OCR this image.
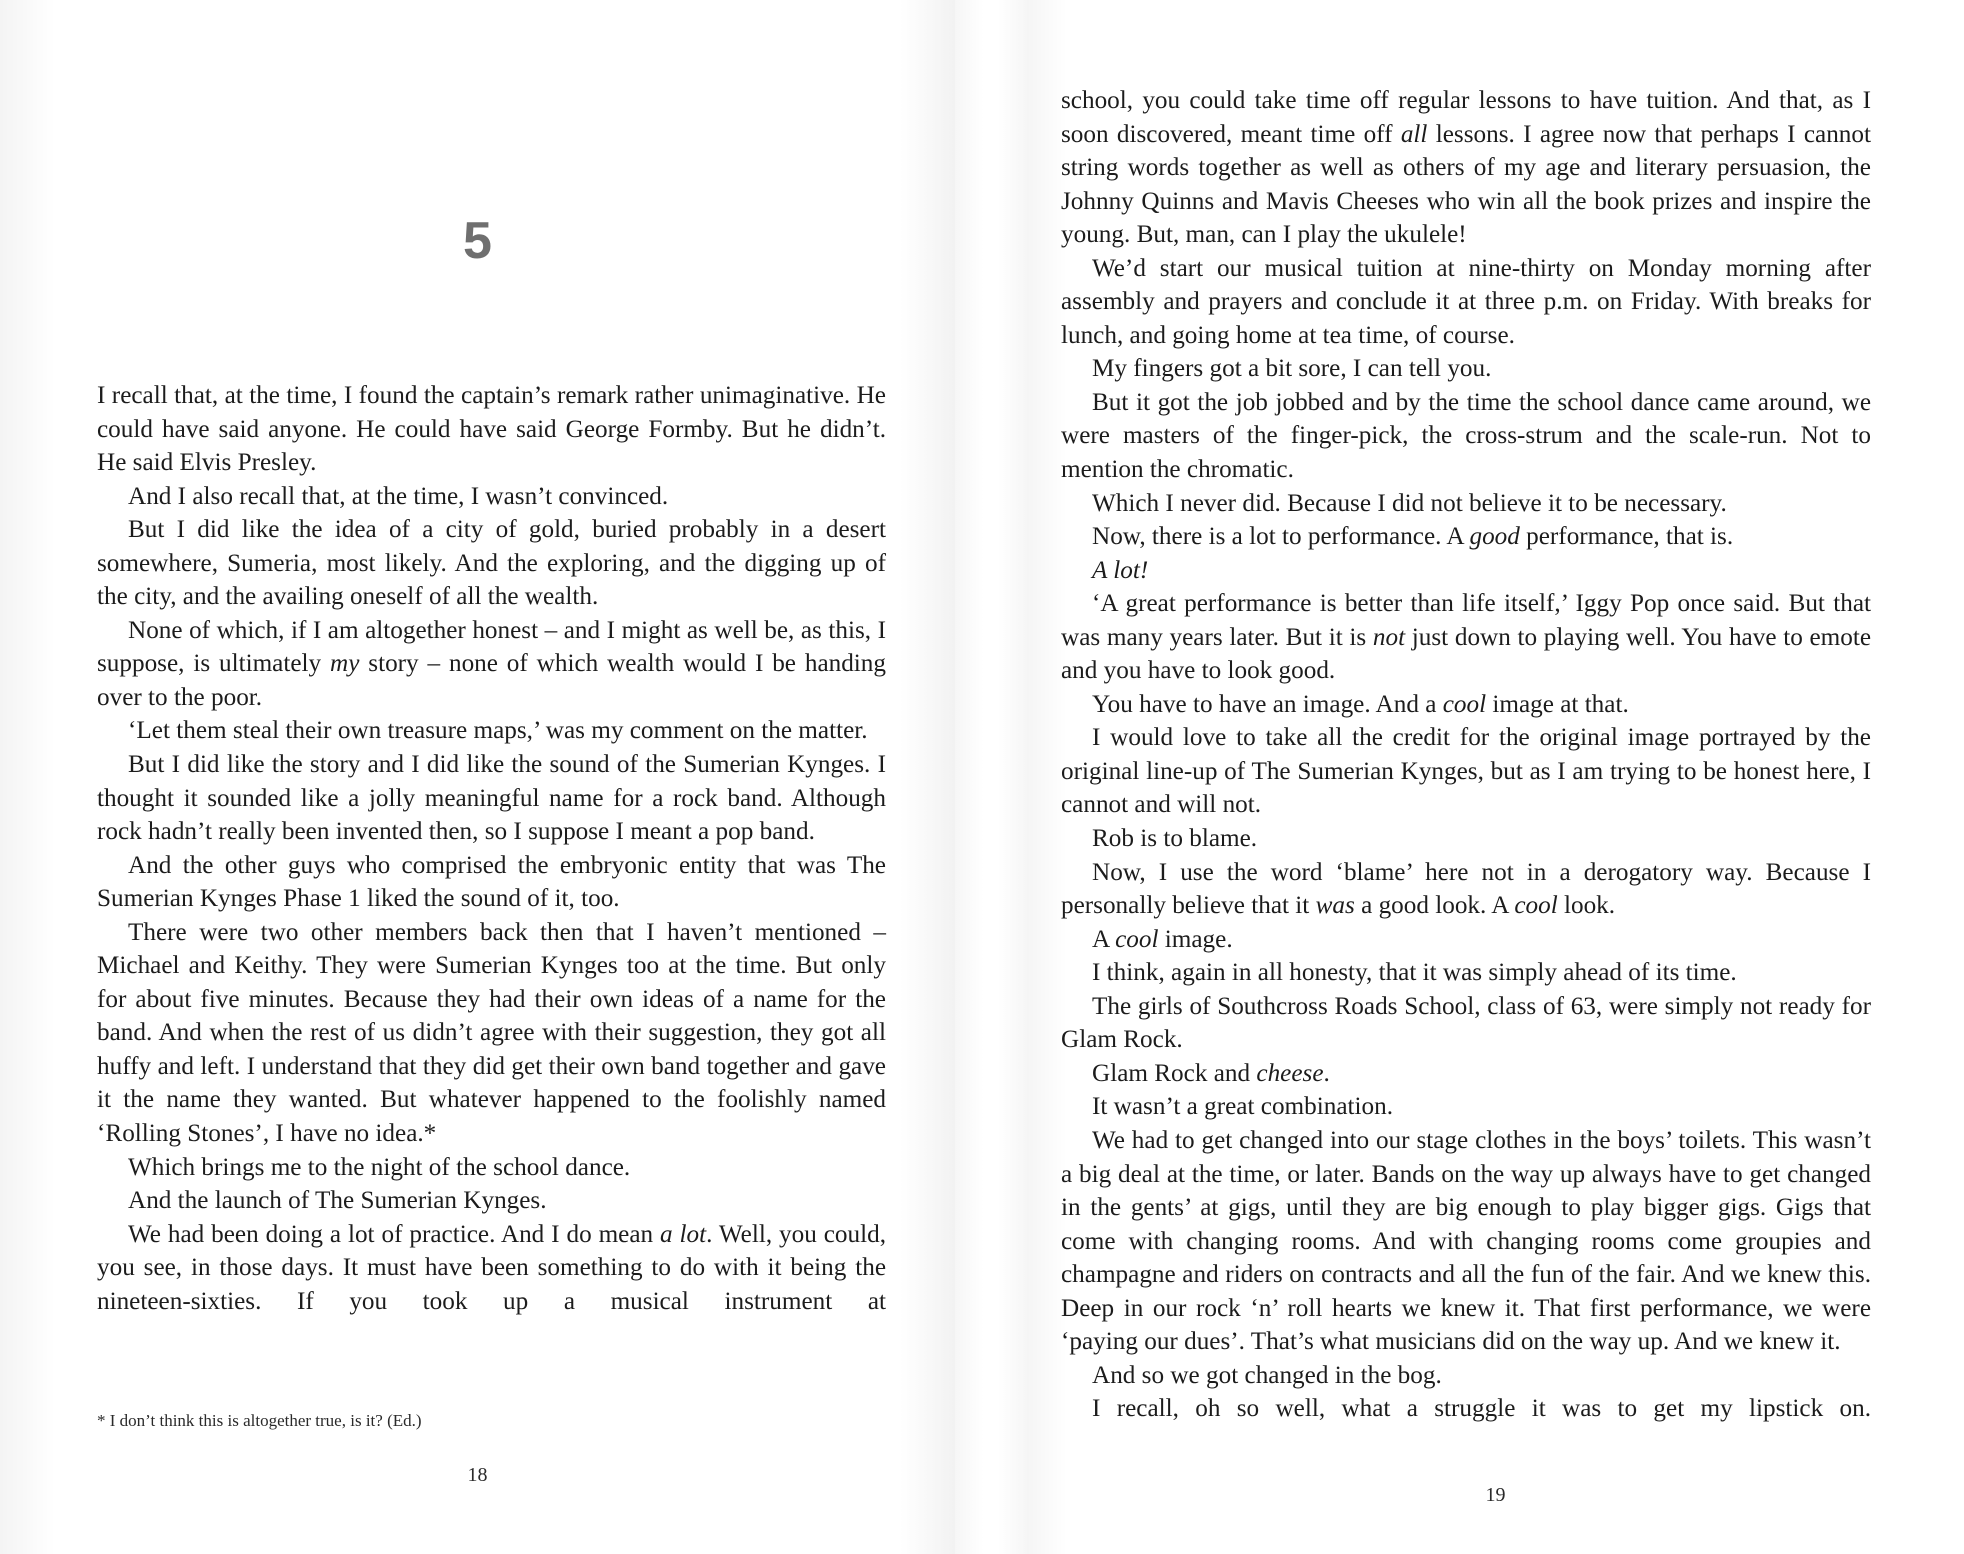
5

I recall that, at the time, I found the captain’s remark rather unimaginative. He could have said anyone. He could have said George Formby. But he didn’t. He said Elvis Presley.

And I also recall that, at the time, I wasn’t convinced.

But I did like the idea of a city of gold, buried probably in a desert somewhere, Sumeria, most likely. And the exploring, and the digging up of the city, and the availing oneself of all the wealth.

None of which, if I am altogether honest – and I might as well be, as this, I suppose, is ultimately my story – none of which wealth would I be handing over to the poor.

‘Let them steal their own treasure maps,’ was my comment on the matter.

But I did like the story and I did like the sound of the Sumerian Kynges. I thought it sounded like a jolly meaningful name for a rock band. Although rock hadn’t really been invented then, so I suppose I meant a pop band.

And the other guys who comprised the embryonic entity that was The Sumerian Kynges Phase 1 liked the sound of it, too.

There were two other members back then that I haven’t mentioned – Michael and Keithy. They were Sumerian Kynges too at the time. But only for about five minutes. Because they had their own ideas of a name for the band. And when the rest of us didn’t agree with their suggestion, they got all huffy and left. I understand that they did get their own band together and gave it the name they wanted. But whatever happened to the foolishly named ‘Rolling Stones’, I have no idea.*

Which brings me to the night of the school dance.

And the launch of The Sumerian Kynges.

We had been doing a lot of practice. And I do mean a lot. Well, you could, you see, in those days. It must have been something to do with it being the nineteen-sixties. If you took up a musical instrument at

* I don’t think this is altogether true, is it? (Ed.)
18

school, you could take time off regular lessons to have tuition. And that, as I soon discovered, meant time off all lessons. I agree now that perhaps I cannot string words together as well as others of my age and literary persuasion, the Johnny Quinns and Mavis Cheeses who win all the book prizes and inspire the young. But, man, can I play the ukulele!

We’d start our musical tuition at nine-thirty on Monday morning after assembly and prayers and conclude it at three p.m. on Friday. With breaks for lunch, and going home at tea time, of course.

My fingers got a bit sore, I can tell you.

But it got the job jobbed and by the time the school dance came around, we were masters of the finger-pick, the cross-strum and the scale-run. Not to mention the chromatic.

Which I never did. Because I did not believe it to be necessary.

Now, there is a lot to performance. A good performance, that is.

A lot!

‘A great performance is better than life itself,’ Iggy Pop once said. But that was many years later. But it is not just down to playing well. You have to emote and you have to look good.

You have to have an image. And a cool image at that.

I would love to take all the credit for the original image portrayed by the original line-up of The Sumerian Kynges, but as I am trying to be honest here, I cannot and will not.

Rob is to blame.

Now, I use the word ‘blame’ here not in a derogatory way. Because I personally believe that it was a good look. A cool look.

A cool image.

I think, again in all honesty, that it was simply ahead of its time.

The girls of Southcross Roads School, class of 63, were simply not ready for Glam Rock.

Glam Rock and cheese.

It wasn’t a great combination.

We had to get changed into our stage clothes in the boys’ toilets. This wasn’t a big deal at the time, or later. Bands on the way up always have to get changed in the gents’ at gigs, until they are big enough to play bigger gigs. Gigs that come with changing rooms. And with changing rooms come groupies and champagne and riders on contracts and all the fun of the fair. And we knew this. Deep in our rock ‘n’ roll hearts we knew it. That first performance, we were ‘paying our dues’. That’s what musicians did on the way up. And we knew it.

And so we got changed in the bog.

I recall, oh so well, what a struggle it was to get my lipstick on.

19
